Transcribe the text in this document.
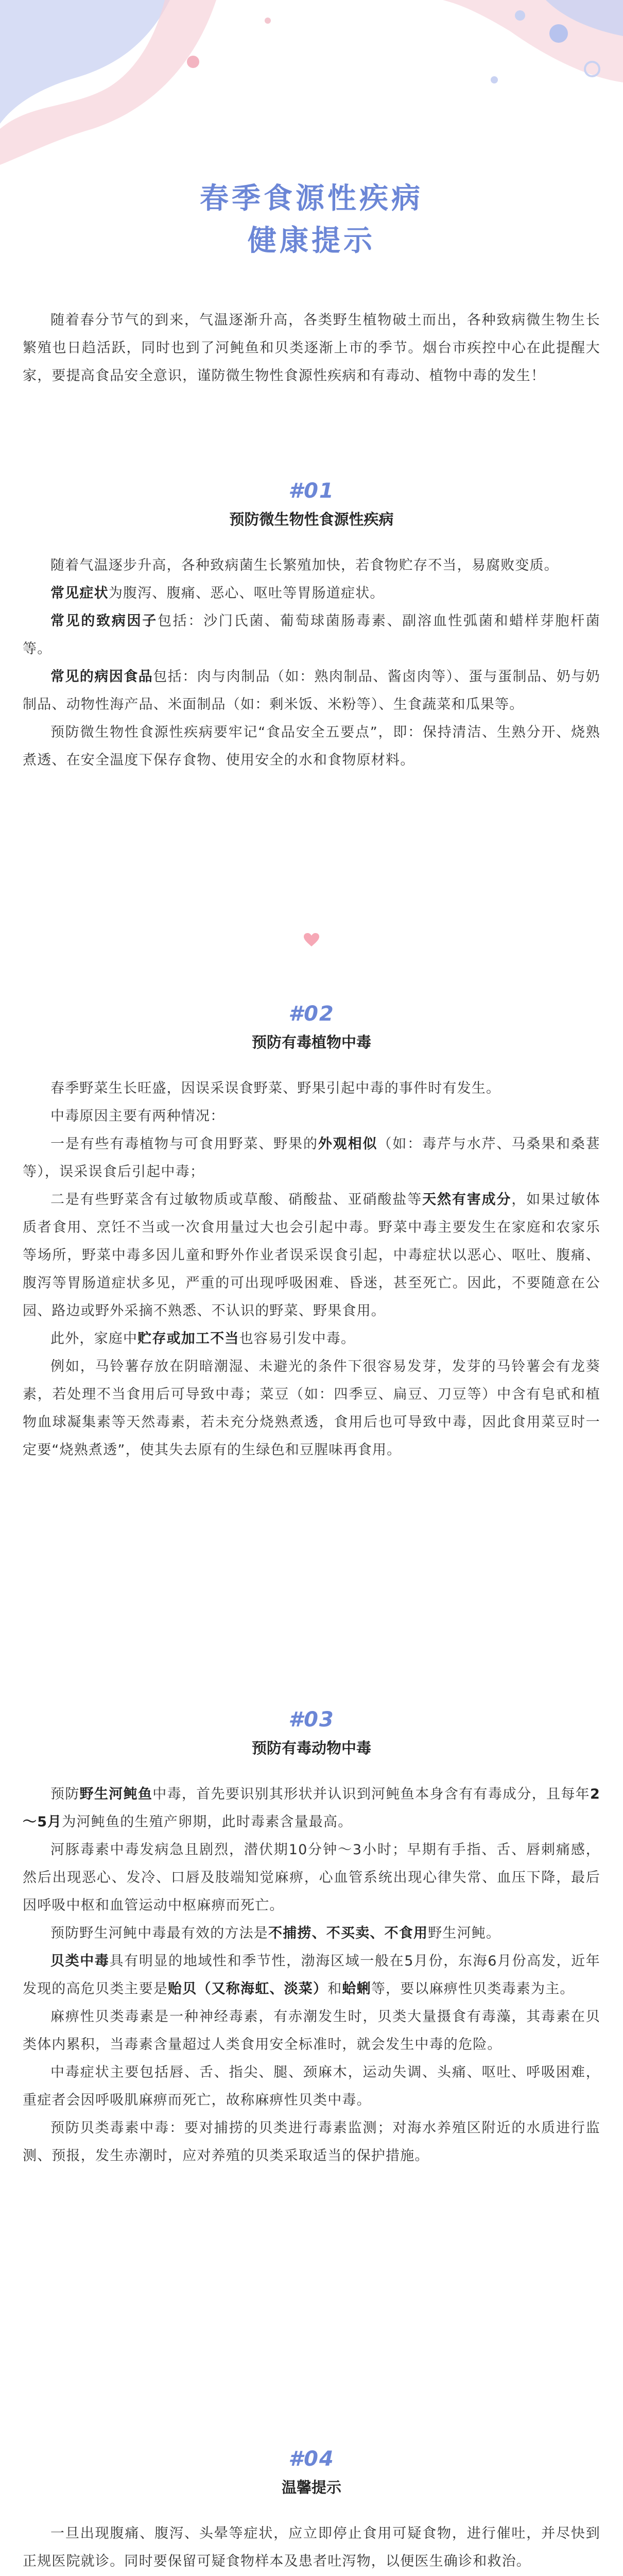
春季食源性疾病
健康提示

随着春分节气的到来，气温逐渐升高，各类野生植物破土而出，各种致病微生物生长繁殖也日趋活跃，同时也到了河鲀鱼和贝类逐渐上市的季节。烟台市疾控中心在此提醒大家，要提高食品安全意识，谨防微生物性食源性疾病和有毒动、植物中毒的发生！

#01
预防微生物性食源性疾病

随着气温逐步升高，各种致病菌生长繁殖加快，若食物贮存不当，易腐败变质。

常见症状为腹泻、腹痛、恶心、呕吐等胃肠道症状。

常见的致病因子包括：沙门氏菌、葡萄球菌肠毒素、副溶血性弧菌和蜡样芽胞杆菌等。

常见的病因食品包括：肉与肉制品（如：熟肉制品、酱卤肉等）、蛋与蛋制品、奶与奶制品、动物性海产品、米面制品（如：剩米饭、米粉等）、生食蔬菜和瓜果等。

预防微生物性食源性疾病要牢记“食品安全五要点”，即：保持清洁、生熟分开、烧熟煮透、在安全温度下保存食物、使用安全的水和食物原材料。

#02
预防有毒植物中毒

春季野菜生长旺盛，因误采误食野菜、野果引起中毒的事件时有发生。

中毒原因主要有两种情况：

一是有些有毒植物与可食用野菜、野果的外观相似（如：毒芹与水芹、马桑果和桑葚等），误采误食后引起中毒；

二是有些野菜含有过敏物质或草酸、硝酸盐、亚硝酸盐等天然有害成分，如果过敏体质者食用、烹饪不当或一次食用量过大也会引起中毒。野菜中毒主要发生在家庭和农家乐等场所，野菜中毒多因儿童和野外作业者误采误食引起，中毒症状以恶心、呕吐、腹痛、腹泻等胃肠道症状多见，严重的可出现呼吸困难、昏迷，甚至死亡。因此，不要随意在公园、路边或野外采摘不熟悉、不认识的野菜、野果食用。

此外，家庭中贮存或加工不当也容易引发中毒。

例如，马铃薯存放在阴暗潮湿、未避光的条件下很容易发芽，发芽的马铃薯会有龙葵素，若处理不当食用后可导致中毒；菜豆（如：四季豆、扁豆、刀豆等）中含有皂甙和植物血球凝集素等天然毒素，若未充分烧熟煮透，食用后也可导致中毒，因此食用菜豆时一定要“烧熟煮透”，使其失去原有的生绿色和豆腥味再食用。

#03
预防有毒动物中毒

预防野生河鲀鱼中毒，首先要识别其形状并认识到河鲀鱼本身含有有毒成分，且每年2～5月为河鲀鱼的生殖产卵期，此时毒素含量最高。

河豚毒素中毒发病急且剧烈，潜伏期10分钟～3小时；早期有手指、舌、唇刺痛感，然后出现恶心、发冷、口唇及肢端知觉麻痹，心血管系统出现心律失常、血压下降，最后因呼吸中枢和血管运动中枢麻痹而死亡。

预防野生河鲀中毒最有效的方法是不捕捞、不买卖、不食用野生河鲀。

贝类中毒具有明显的地域性和季节性，渤海区域一般在5月份，东海6月份高发，近年发现的高危贝类主要是贻贝（又称海虹、淡菜）和蛤蜊等，要以麻痹性贝类毒素为主。

麻痹性贝类毒素是一种神经毒素，有赤潮发生时，贝类大量摄食有毒藻，其毒素在贝类体内累积，当毒素含量超过人类食用安全标准时，就会发生中毒的危险。

中毒症状主要包括唇、舌、指尖、腿、颈麻木，运动失调、头痛、呕吐、呼吸困难，重症者会因呼吸肌麻痹而死亡，故称麻痹性贝类中毒。

预防贝类毒素中毒：要对捕捞的贝类进行毒素监测；对海水养殖区附近的水质进行监测、预报，发生赤潮时，应对养殖的贝类采取适当的保护措施。

#04
温馨提示

一旦出现腹痛、腹泻、头晕等症状，应立即停止食用可疑食物，进行催吐，并尽快到正规医院就诊。同时要保留可疑食物样本及患者吐泻物，以便医生确诊和救治。
